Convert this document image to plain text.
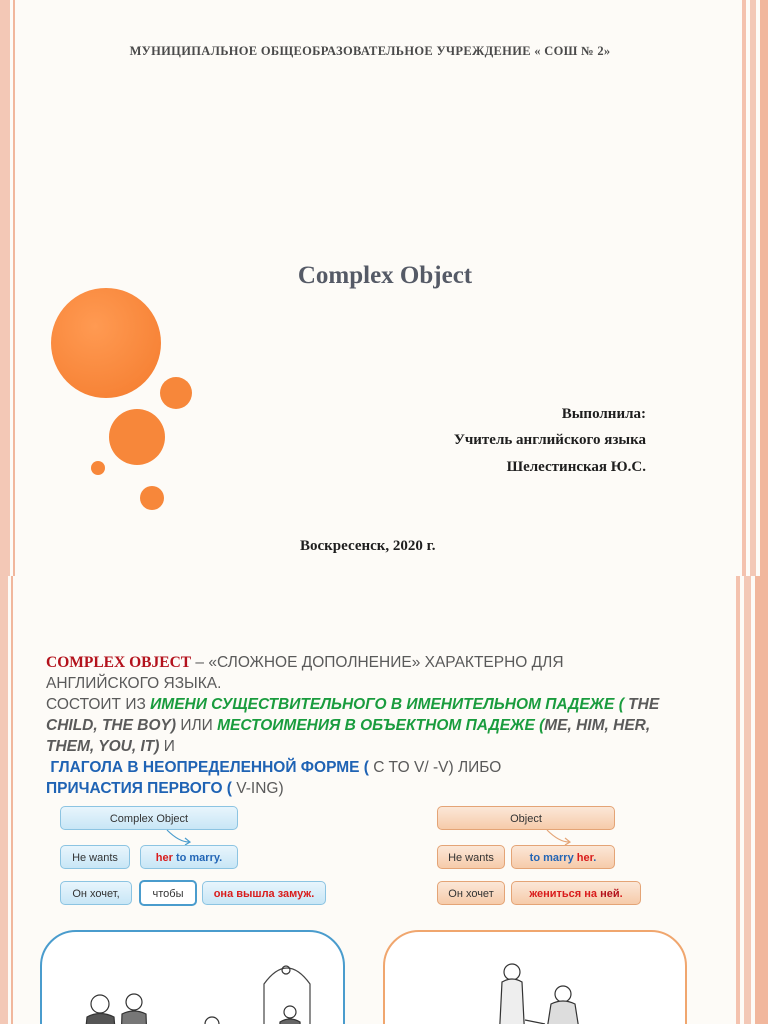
МУНИЦИПАЛЬНОЕ ОБЩЕОБРАЗОВАТЕЛЬНОЕ УЧРЕЖДЕНИЕ « СОШ № 2»
Complex Object
Выполнила:
Учитель английского языка
Шелестинская Ю.С.
Воскресенск, 2020 г.
COMPLEX OBJECT – «СЛОЖНОЕ ДОПОЛНЕНИЕ» ХАРАКТЕРНО ДЛЯ АНГЛИЙСКОГО ЯЗЫКА.
СОСТОИТ ИЗ ИМЕНИ СУЩЕСТВИТЕЛЬНОГО В ИМЕНИТЕЛЬНОМ ПАДЕЖЕ ( THE CHILD, THE BOY) ИЛИ МЕСТОИМЕНИЯ В ОБЪЕКТНОМ ПАДЕЖЕ (ME, HIM, HER, THEM, YOU, IT) И
ГЛАГОЛА В НЕОПРЕДЕЛЕННОЙ ФОРМЕ ( C TO V/ -V) ЛИБО
ПРИЧАСТИЯ ПЕРВОГО ( V-ING)
Complex Object
He wants	her to marry.
Он хочет,	чтобы	она вышла замуж.
Object
He wants	to marry her.
Он хочет	жениться на ней.
